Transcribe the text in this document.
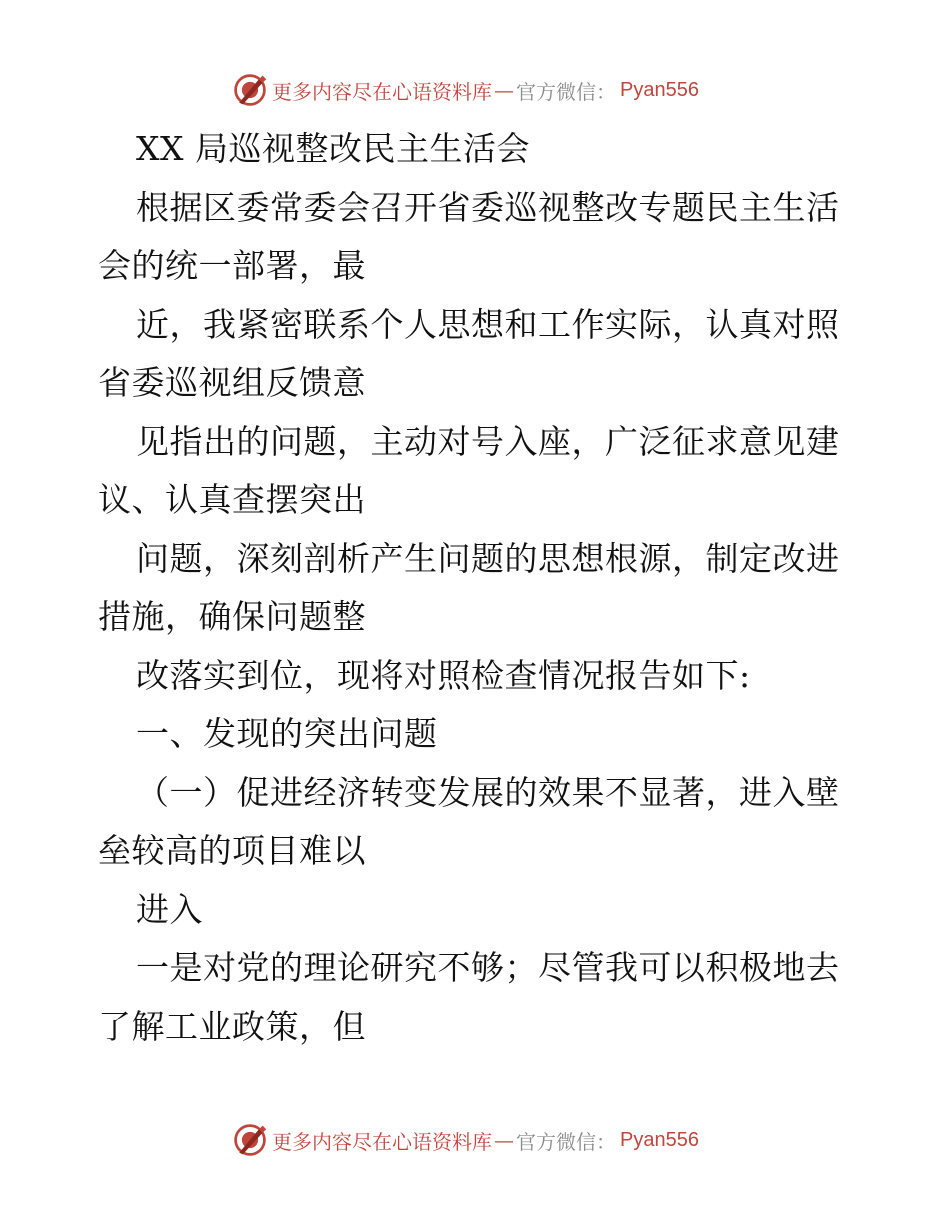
更多内容尽在心语资料库 — 官方微信： Pyan556
XX 局巡视整改民主生活会
根据区委常委会召开省委巡视整改专题民主生活
会的统一部署，最
近，我紧密联系个人思想和工作实际，认真对照
省委巡视组反馈意
见指出的问题，主动对号入座，广泛征求意见建
议、认真查摆突出
问题，深刻剖析产生问题的思想根源，制定改进
措施，确保问题整
改落实到位，现将对照检查情况报告如下:
一、发现的突出问题
（一）促进经济转变发展的效果不显著，进入壁
垒较高的项目难以
进入
一是对党的理论研究不够；尽管我可以积极地去
了解工业政策，但
更多内容尽在心语资料库 — 官方微信： Pyan556
